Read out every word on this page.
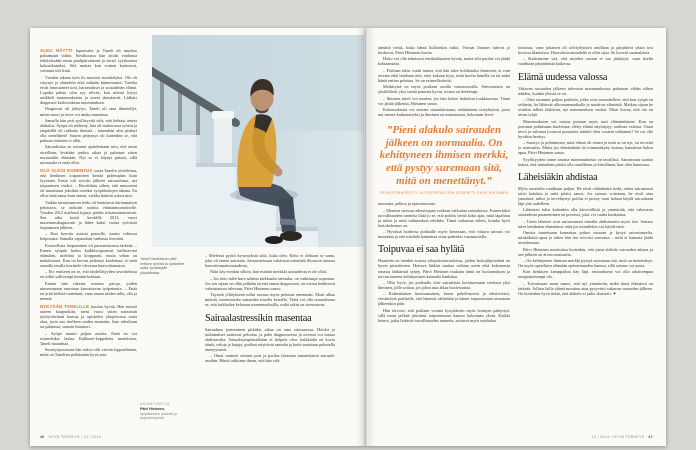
ALKU NÄYTTI lupaavalta ja Taneli oli innokas palaamaan töihin. Kesäkuussa hän aloitti vanhassa tehtävässään ensin puolipäiväisenä ja siirtyi syyskuussa kokoaikaiseksi. Sitä mukaa kun voimat karttuivat, vastuuta tuli lisää.

Vuoden aikana työn ilo muuttui sinnittelyksi. Olo oli väsynyt ja elämätön eikä mikään kiinnostanut. Tanelia eivät innostaneet koti, harrastukset ja sosiaalinen elämä. Lopulta pahan olon syy selvisi, kun netistä löytyi artikkeli masennuksesta ja oireet täsmäsivät. Lääkäri diagnosoi keskivaikean masennuksen.

Diagnoosi oli järkytys. Taneli oli aina ihmetellyt, miten nuori ja terve voi muka masentua.

Samalla hän poti syyllisyyttä siitä, että kehtasi tuntea alakuloa. Syöpä oli selätetty, hän oli mukavassa työssä ja ympärillä oli rakkaita ihmisiä – hänenhän olisi pitänyt olla onnellinen! Suurin pettymys oli kuitenkin se, että paluuta entiseen ei ollut.

Sairauksista on tottunut ajattelemaan niin, että ensin oireillaan, levätään jonkin aikaa ja palataan sitten normaaliin elämään. Nyt se ei käynyt päinsä, sillä normaalia ei enää ollut.

OLO ALKOI KOHENTUA vasta Tanelin oivallettua, että henkinen toipuminen kestää pidempään kuin fyysinen. Ensin tuli syövän jälkeen sairausloma, nyt toipumisen vuoksi. – Havahduin siihen, että minuuteni oli muuttunut joksikin toiseksi syöpähoitojen aikana. En ollut enää sama kuin ennen, vaikka halusin uskoa niin.

Vaikka sairastumisen hetki oli henkisesti äärimmäisen pelottava, se tarkoitti starttia elämänmuutokselle. Vuoden 2012 mielessä kypsyi päätös irtisanoutumisesta. Sen aika koitti keväällä 2013, vuosi masennusdiagnoosin ja lähes kaksi vuotta syövästä toipumisen jälkeen.

– Kun kerroin asiasta pomolle, tunsin valtavaa helpotusta. Samalla vapauduin vanhasta itsestäni.

Kontrollista luopuminen oli paranemisessa tärkeää. – Ennen syöpää luulin kaikkivoipaisesti hallitsevani elämääni, mieltäni ja kroppaani, mutta sehän on mahdotonta. Kun on kerran pelännyt kuolemaa, ei enää samalla tavalla kuvittele olevansa haavoittumaton.

– Ero entiseen on se, että täydellisyyden tavoittelusta on tullut sallivampi itseään kohtaan.

Ennen hän rakensi tunteen patoja, joiden nimenomaan sanotaan kasvattavan työpainetta. – Enää en yritä kieltää tunteitani, vaan annan niiden tulla, olla ja mennä.

NYKYÄÄN TANELILLE kuuluu hyvää. Hän muutti uuteen kaupunkiin, meni vuosi sitten naimisiin tyttöystävänsä kanssa ja opiskelee yliopistossa uutta alaa, josta saa itselleen uuden ammatin. Into urheiluun on palannut, samoin huumori.

– Syöpä muutti paljon asioita. Enää en voi esimerkiksi laulaa Kulkuset-kappaletta monikossa, Taneli naurahtaa.

Surutyöprosessin hän uskoo silti vievän loppuelämän, mikä on Tanelista pelkästään hyvä asia.

Taneli Vastelainen jätti entisen työnsä ja opiskelee uutta Jyväskylän yliopistossa.

– Mielessä pyörii kysymyksiä siitä, kuka olen. Keho ei olekaan se sama, joka oli ennen sairautta. Sairastuessaan vakavasti menettää illuusion omasta haavoittumattomuudesta.

Näin käy etenkin silloin, kun mitään merkkiä sairaudesta ei ole ollut.

– Jos tieto tulee kuin salama kirkkaalta taivaalta, on vaikeampi sopeutua. Jos sen sijaan on ollut pitkään oireita ennen diagnoosia, on voinut henkisesti valmistautua tulevaan, Päivi Hietanen sanoo.

Täytenä yllätyksenä tullut sairaus myös pelottaa enemmän. Moni alkaa miettiä, tunnistaisiko sairauden toisella kerralla. Tästä voi olla seurauksena se, että tarkkailee kehoaan suurennuslasilla, mikä sekin on stressaavaa.

Sairaalastressikin masentaa

Sairaalaan joutuminen pitkäksi aikaa on aina stressaavaa. Hoidot ja tutkimukset saattavat pelottaa, ja puhe diagnooseista ja oireista voi tuntua ahdistavalta. Sairaalaympäristökään ei helpota oloa: kaikkialla on kovia ääniä, valoja ja hajuja, potilaat näyttävät samalta ja heitä saatetaan puhutella anonyymisti.

– Omat vaatteet otetaan pois ja potilas laitetaan samanlaisiin sairaala-asuihin. Häntä tutkitaan ilman, että hän vält-

ASIANTUNTIJA
Päivi Hietanen,
syöpätautien dosentti ja psykoterapeutti
46 HYVÄ TERVEYS / 13 / 2014

tämättä tietää, kuka häntä kulloinkin tutkii. Vieraat ihmiset tulevat ja koskevat, Päivi Hietanen kuvaa.

Hoito voi olla teknisesti ensiluokkaisen hyvää, mutta silti potilas voi jäädä kohtaamatta.

– Potilaan tulisi voida tuntea, että hän tulee kohdatuksi ihmisenä, ei vain oireina eikä lainkaan niin, ettei kukaan kysy, mitä huolia hänellä on tai mikä häntä eniten pelottaa. Se on esineellistävää.

Merkitystä on myös potilaan omilla voimavaroilla. Stressinsieto on yksilöllistä: yksi sietää painetta hyvin, toinen on herkempi.

– Ihmisen mieli voi murtua, jos hän kokee kohtelun loukkaavana. Tämä voi jättää jälkensä, Hietanen sanoo.

Kokemuksista voi seurata sairaalatrauma, eräänlainen oireyhtymä, jossa uni menee katkonaiseksi ja ihminen on masentunut, kokonaan levot-

”Pieni alakulo sairauden jälkeen on normaalia. On kehittyneen ihmisen merkki, että pystyy suremaan sitä, mitä on menettänyt.”
PSYKOTERAPEUTTI JA SYÖPÄTAUTIEN DOSENTTI PÄIVI HIETANEN

tomuutta, pelkoa ja epävarmuutta.

– Moneen stressin aiheuttajaan voidaan vaikuttaa sairaaloissa. Esimerkiksi turvallisuuden tunnetta lisää jo se, että potilas tietää koko ajan, mitä tapahtuu ja miksi ja mitä tutkimuksia tehdään. Tämä vaikuttaa siihen, kuinka hyvä hoitokokemus on.

– Hyvässä hoidossa potilaalle myös kerrotaan, että vakava sairaus voi masentaa ja että mieliala kannattaa ottaa puheeksi vastaanotolla.

Toipuvaa ei saa hylätä

Haasteita on etenkin isoissa yliopistosairaaloissa, joiden hoitojärjestelmä on hyvin pirstaleinen. Hoitava lääkäri saattaa vaihtua usein eikä kokemusta omasta lääkäristä synny. Päivi Hietasen mukaan tämä on luottamuksen ja turvan tunteen kehittymisen kannalta hankalaa.

– Olisi hyvä, jos potilaalla olisi sairaalasta kotiutuessaan tiedossa yksi ihminen, jolle soittaa, jos jokin asia alkaa huolestuttaa.

– Kaikenlainen huomaaminen, kuten puhelinsoitot ja tekstiviestit, viestittävät potilaalle, että hänestä välitetään ja hänen toipumistaan seurataan jälkeenkin päin.

Hän toivoisi, että potilaan vointia kysyttäisiin myös hoitojen päätyttyä, sillä moni pelkää jäävänsä toipumisensa kanssa kokonaan yksin. Kaikki keinot, jotka lisäävät turvallisuuden tunnetta, auttavat myös mielialaa.

toisiinsa, vaan jokaisen oli selviydyttävä omillaan ja pärjättävä yksin tosi kovissa tilanteissa. Haavoittuvaisuudelle ei ollut sijaa. Se kovetti suomalaisia.

– Sisäistimme sitä, että muiden varaan ei saa jättäytyä, vaan itseltä vaaditaan pärjäämistä kaikessa.

Elämä uudessa valossa

Vakavan sairauden jälkeen tulevasta masennuksesta puhutaan vähän siihen nähden, kuinka yleistä se on.

– Olen tavannut paljon potilaita, jotka ovat suunnitelleet, että kun syöpä on selätetty, he lähtevät ulkomaanmatkalle ja nauttivat elämästä. Matkan sijaan he ovatkin tulleet lääkäriin, nyt masennuksen vuoksi. Moni kuvaa, että olo on aivan tyhjä.

Masennukseen voi nostaa pintaan myös uusi elämäntilanne. Kun on joutunut pohtimaan kuolemaa, eletty elämä näyttäytyy uudessa valossa. Omat arvot ja valinnat joutuvat puntariin: näinkö olen vuoteni tuhlannut? Se voi olla hyväkin herätys.

– Surutyö ja pohtiminen, mitä elämä oli ennen ja mitä se on nyt, on tervettä ja normaalia. Mutta jos elämänhalu tai toimintakyky katoaa, kannattaa hakea apua, Päivi Hietanen sanoo.

Syyllisyyden tunne omasta masennuksesta on tavallista. Sairastunut saattaa kokea, että minunhan pitäisi olla onnellinen ja kiitollinen, kun olen kunnossa.

Läheisiäkin ahdistaa

Myös omaisilta vaaditaan paljon. He eivät välttämättä tiedä, miten sairastunut tulisi kohdata ja mitä pitäisi sanoa. Jos sairaus voitetaan, he eivät aina ymmärrä, miksi jo tervehtynyt potilas ei piristy vaan haluaa käydä sairauttaan läpi yhä uudelleen.

Läheisten tulisi kuitenkin olla kärsivällisiä ja ymmärtää, että vakavasta sairaudesta paraneminen on prosessi, joka voi vaatia kuukausia.

– Usein läheiset ovat sairastuneen rinnalla ahdistuneita myös itse. Sairaus tulee heidänkin elämäänsä: entä jos minullekin voi käydä näin.

Omista tunteistaan kannattaa puhua suoraan ja kysyä sairastuneelta, minkälaista apua ja tukea hän itse toivoisi saavansa – mitä ei kannata jäädä arvailemaan.

Päivi Hietanen muistuttaa kuitenkin, että pieni alakulo sairauden aikana ja sen jälkeen on aivan normaalia.

– On kehittyneen ihmisen merkki pystyä suremaan sitä, mitä on menettänyt. On myös opeteltava elämään epävarmuuden kanssa, sillä sairaus voi uusia.

Kun henkisen kamppailun käy läpi, seurauksena voi olla aikaisempaa tasapainoisempi olo.

– Toivuttuaan moni sanoo, että nyt ymmärrän, mikä tässä elämässä on tärkeää. Jollain lailla elämä muuttuu aina pysyvästi vakavan sairauden jälkeen. On kuitenkin hyvä tietää, että alakulo ei jatku ikuisesti. ✦

13 / 2014 / HYVÄ TERVEYS 47
